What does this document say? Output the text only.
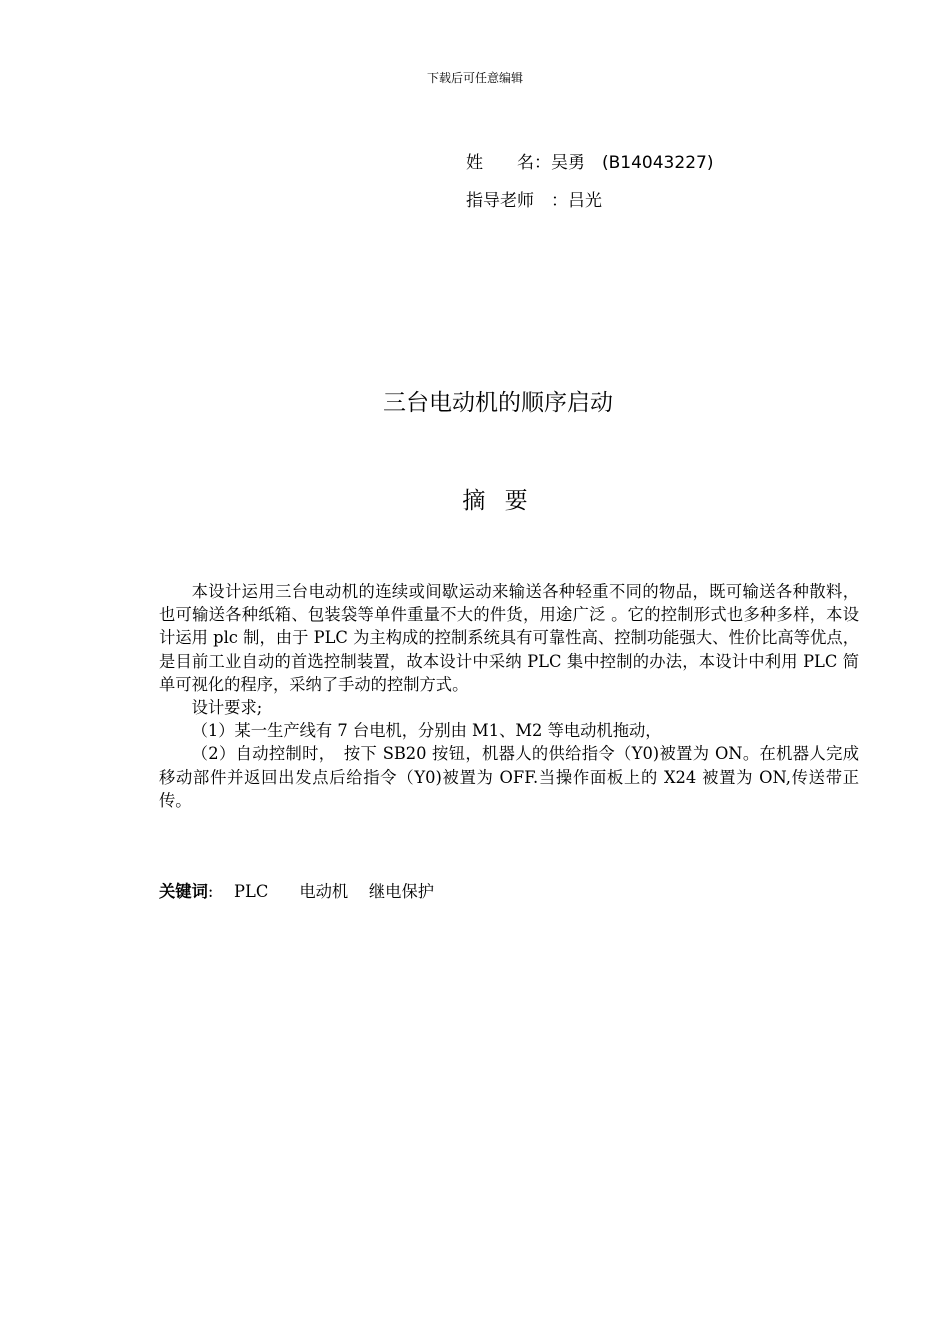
下载后可任意编辑
姓　　名：吴勇　(B14043227)
指导老师　：吕光
三台电动机的顺序启动
摘 要

本设计运用三台电动机的连续或间歇运动来输送各种轻重不同的物品，既可输送各种散料，也可输送各种纸箱、包装袋等单件重量不大的件货，用途广泛 。它的控制形式也多种多样，本设计运用 plc 制，由于 PLC 为主构成的控制系统具有可靠性高、控制功能强大、性价比高等优点，是目前工业自动的首选控制装置，故本设计中采纳 PLC 集中控制的办法，本设计中利用 PLC 简单可视化的程序，采纳了手动的控制方式。

设计要求;

（1）某一生产线有 7 台电机，分别由 M1、M2 等电动机拖动，

（2）自动控制时，　按下 SB20 按钮，机器人的供给指令（Y0)被置为 ON。在机器人完成移动部件并返回出发点后给指令（Y0)被置为 OFF.当操作面板上的 X24 被置为 ON,传送带正传。

关键词:    PLC      电动机    继电保护
